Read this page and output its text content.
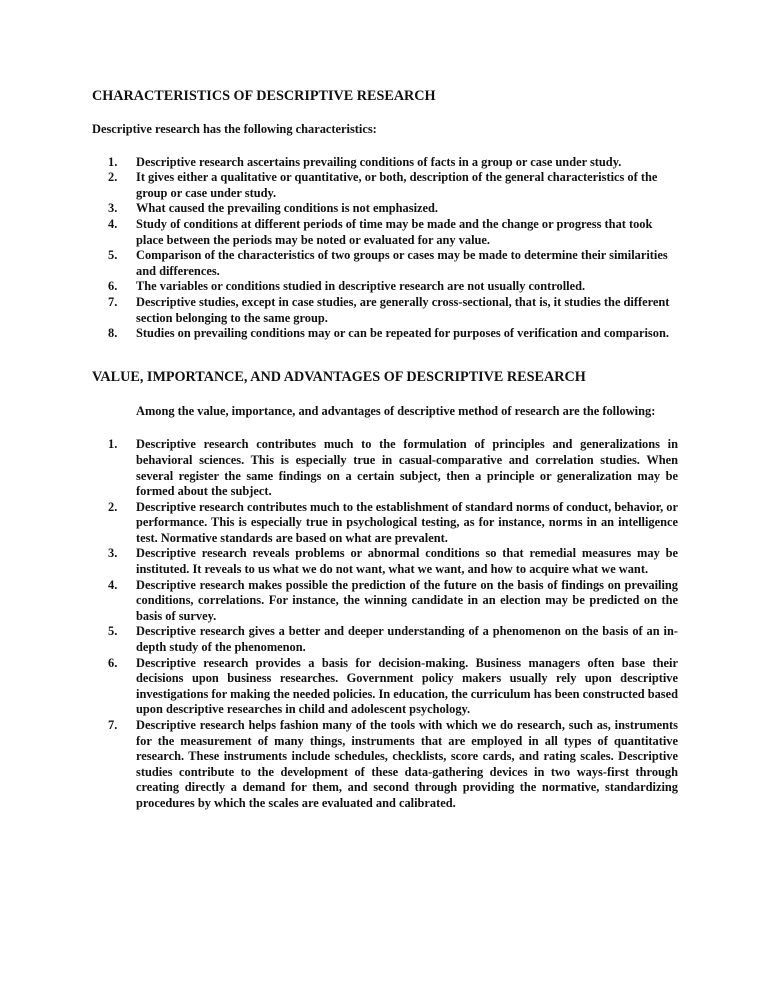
CHARACTERISTICS OF DESCRIPTIVE RESEARCH

Descriptive research has the following characteristics:

1. Descriptive research ascertains prevailing conditions of facts in a group or case under study.
2. It gives either a qualitative or quantitative, or both, description of the general characteristics of the group or case under study.
3. What caused the prevailing conditions is not emphasized.
4. Study of conditions at different periods of time may be made and the change or progress that took place between the periods may be noted or evaluated for any value.
5. Comparison of the characteristics of two groups or cases may be made to determine their similarities and differences.
6. The variables or conditions studied in descriptive research are not usually controlled.
7. Descriptive studies, except in case studies, are generally cross-sectional, that is, it studies the different section belonging to the same group.
8. Studies on prevailing conditions may or can be repeated for purposes of verification and comparison.
VALUE, IMPORTANCE, AND ADVANTAGES OF DESCRIPTIVE RESEARCH

Among the value, importance, and advantages of descriptive method of research are the following:

1. Descriptive research contributes much to the formulation of principles and generalizations in behavioral sciences. This is especially true in casual-comparative and correlation studies. When several register the same findings on a certain subject, then a principle or generalization may be formed about the subject.
2. Descriptive research contributes much to the establishment of standard norms of conduct, behavior, or performance. This is especially true in psychological testing, as for instance, norms in an intelligence test. Normative standards are based on what are prevalent.
3. Descriptive research reveals problems or abnormal conditions so that remedial measures may be instituted. It reveals to us what we do not want, what we want, and how to acquire what we want.
4. Descriptive research makes possible the prediction of the future on the basis of findings on prevailing conditions, correlations. For instance, the winning candidate in an election may be predicted on the basis of survey.
5. Descriptive research gives a better and deeper understanding of a phenomenon on the basis of an in-depth study of the phenomenon.
6. Descriptive research provides a basis for decision-making. Business managers often base their decisions upon business researches. Government policy makers usually rely upon descriptive investigations for making the needed policies. In education, the curriculum has been constructed based upon descriptive researches in child and adolescent psychology.
7. Descriptive research helps fashion many of the tools with which we do research, such as, instruments for the measurement of many things, instruments that are employed in all types of quantitative research. These instruments include schedules, checklists, score cards, and rating scales. Descriptive studies contribute to the development of these data-gathering devices in two ways-first through creating directly a demand for them, and second through providing the normative, standardizing procedures by which the scales are evaluated and calibrated.
